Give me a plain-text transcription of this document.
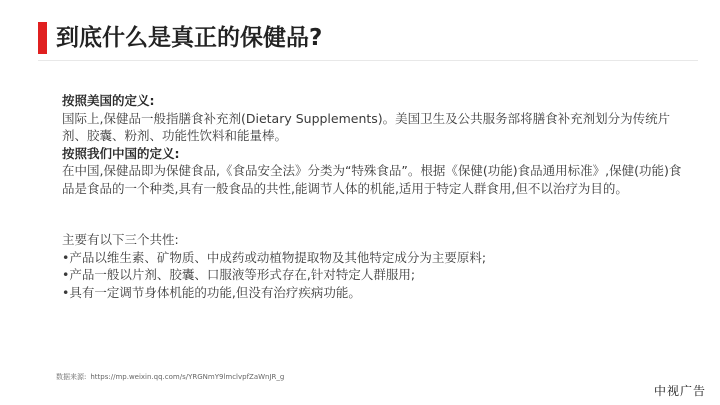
到底什么是真正的保健品?

按照美国的定义:

国际上,保健品一般指膳食补充剂(Dietary Supplements)。美国卫生及公共服务部将膳食补充剂划分为传统片剂、胶囊、粉剂、功能性饮料和能量棒。

按照我们中国的定义:

在中国,保健品即为保健食品,《食品安全法》分类为“特殊食品”。根据《保健(功能)食品通用标准》,保健(功能)食品是食品的一个种类,具有一般食品的共性,能调节人体的机能,适用于特定人群食用,但不以治疗为目的。

主要有以下三个共性:

•产品以维生素、矿物质、中成药或动植物提取物及其他特定成分为主要原料;

•产品一般以片剂、胶囊、口服液等形式存在,针对特定人群服用;

•具有一定调节身体机能的功能,但没有治疗疾病功能。

数据来源: https://mp.weixin.qq.com/s/YRGNmY9lmclvpfZaWnJR_g
中视广告
